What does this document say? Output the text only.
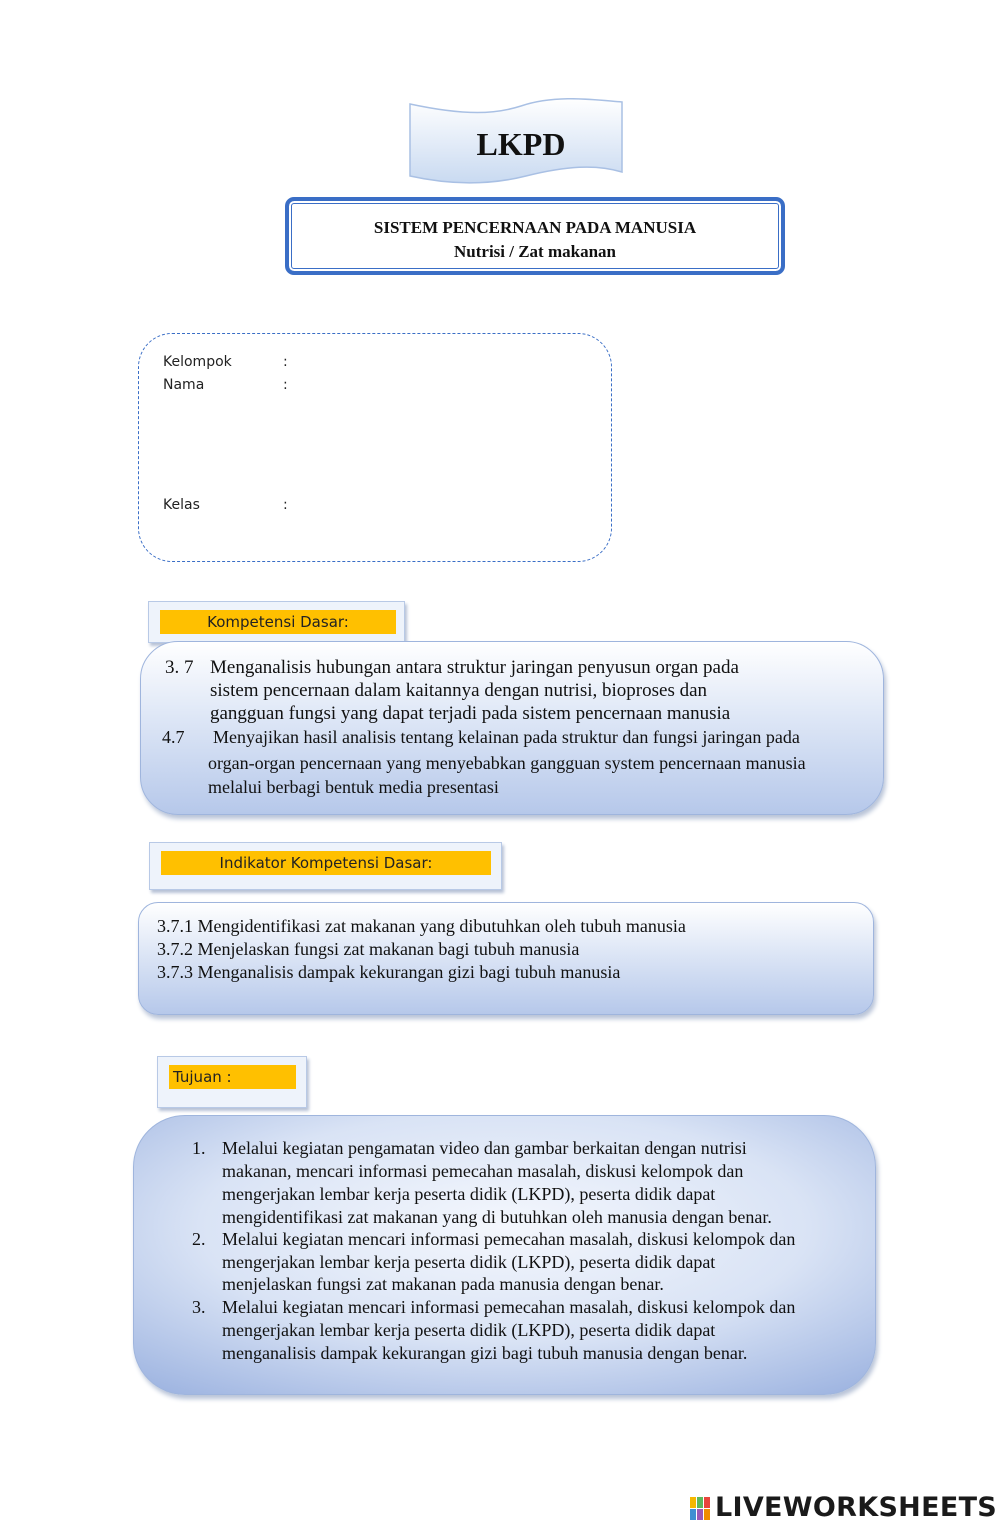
LKPD
SISTEM PENCERNAAN PADA MANUSIA
Nutrisi / Zat makanan
Kelompok	:
Nama	:
Kelas	:
Kompetensi Dasar:
3. 7 Menganalisis hubungan antara struktur jaringan penyusun organ pada
sistem pencernaan dalam kaitannya dengan nutrisi, bioproses dan
gangguan fungsi yang dapat terjadi pada sistem pencernaan manusia
4.7 Menyajikan hasil analisis tentang kelainan pada struktur dan fungsi jaringan pada
organ-organ pencernaan yang menyebabkan gangguan system pencernaan manusia
melalui berbagi bentuk media presentasi
Indikator Kompetensi Dasar:
3.7.1 Mengidentifikasi zat makanan yang dibutuhkan oleh tubuh manusia
3.7.2 Menjelaskan fungsi zat makanan bagi tubuh manusia
3.7.3 Menganalisis dampak kekurangan gizi bagi tubuh manusia
Tujuan :
1. Melalui kegiatan pengamatan video dan gambar berkaitan dengan nutrisi
makanan, mencari informasi pemecahan masalah, diskusi kelompok dan
mengerjakan lembar kerja peserta didik (LKPD), peserta didik dapat
mengidentifikasi zat makanan yang di butuhkan oleh manusia dengan benar.
2. Melalui kegiatan mencari informasi pemecahan masalah, diskusi kelompok dan
mengerjakan lembar kerja peserta didik (LKPD), peserta didik dapat
menjelaskan fungsi zat makanan pada manusia dengan benar.
3. Melalui kegiatan mencari informasi pemecahan masalah, diskusi kelompok dan
mengerjakan lembar kerja peserta didik (LKPD), peserta didik dapat
menganalisis dampak kekurangan gizi bagi tubuh manusia dengan benar.
LIVEWORKSHEETS
